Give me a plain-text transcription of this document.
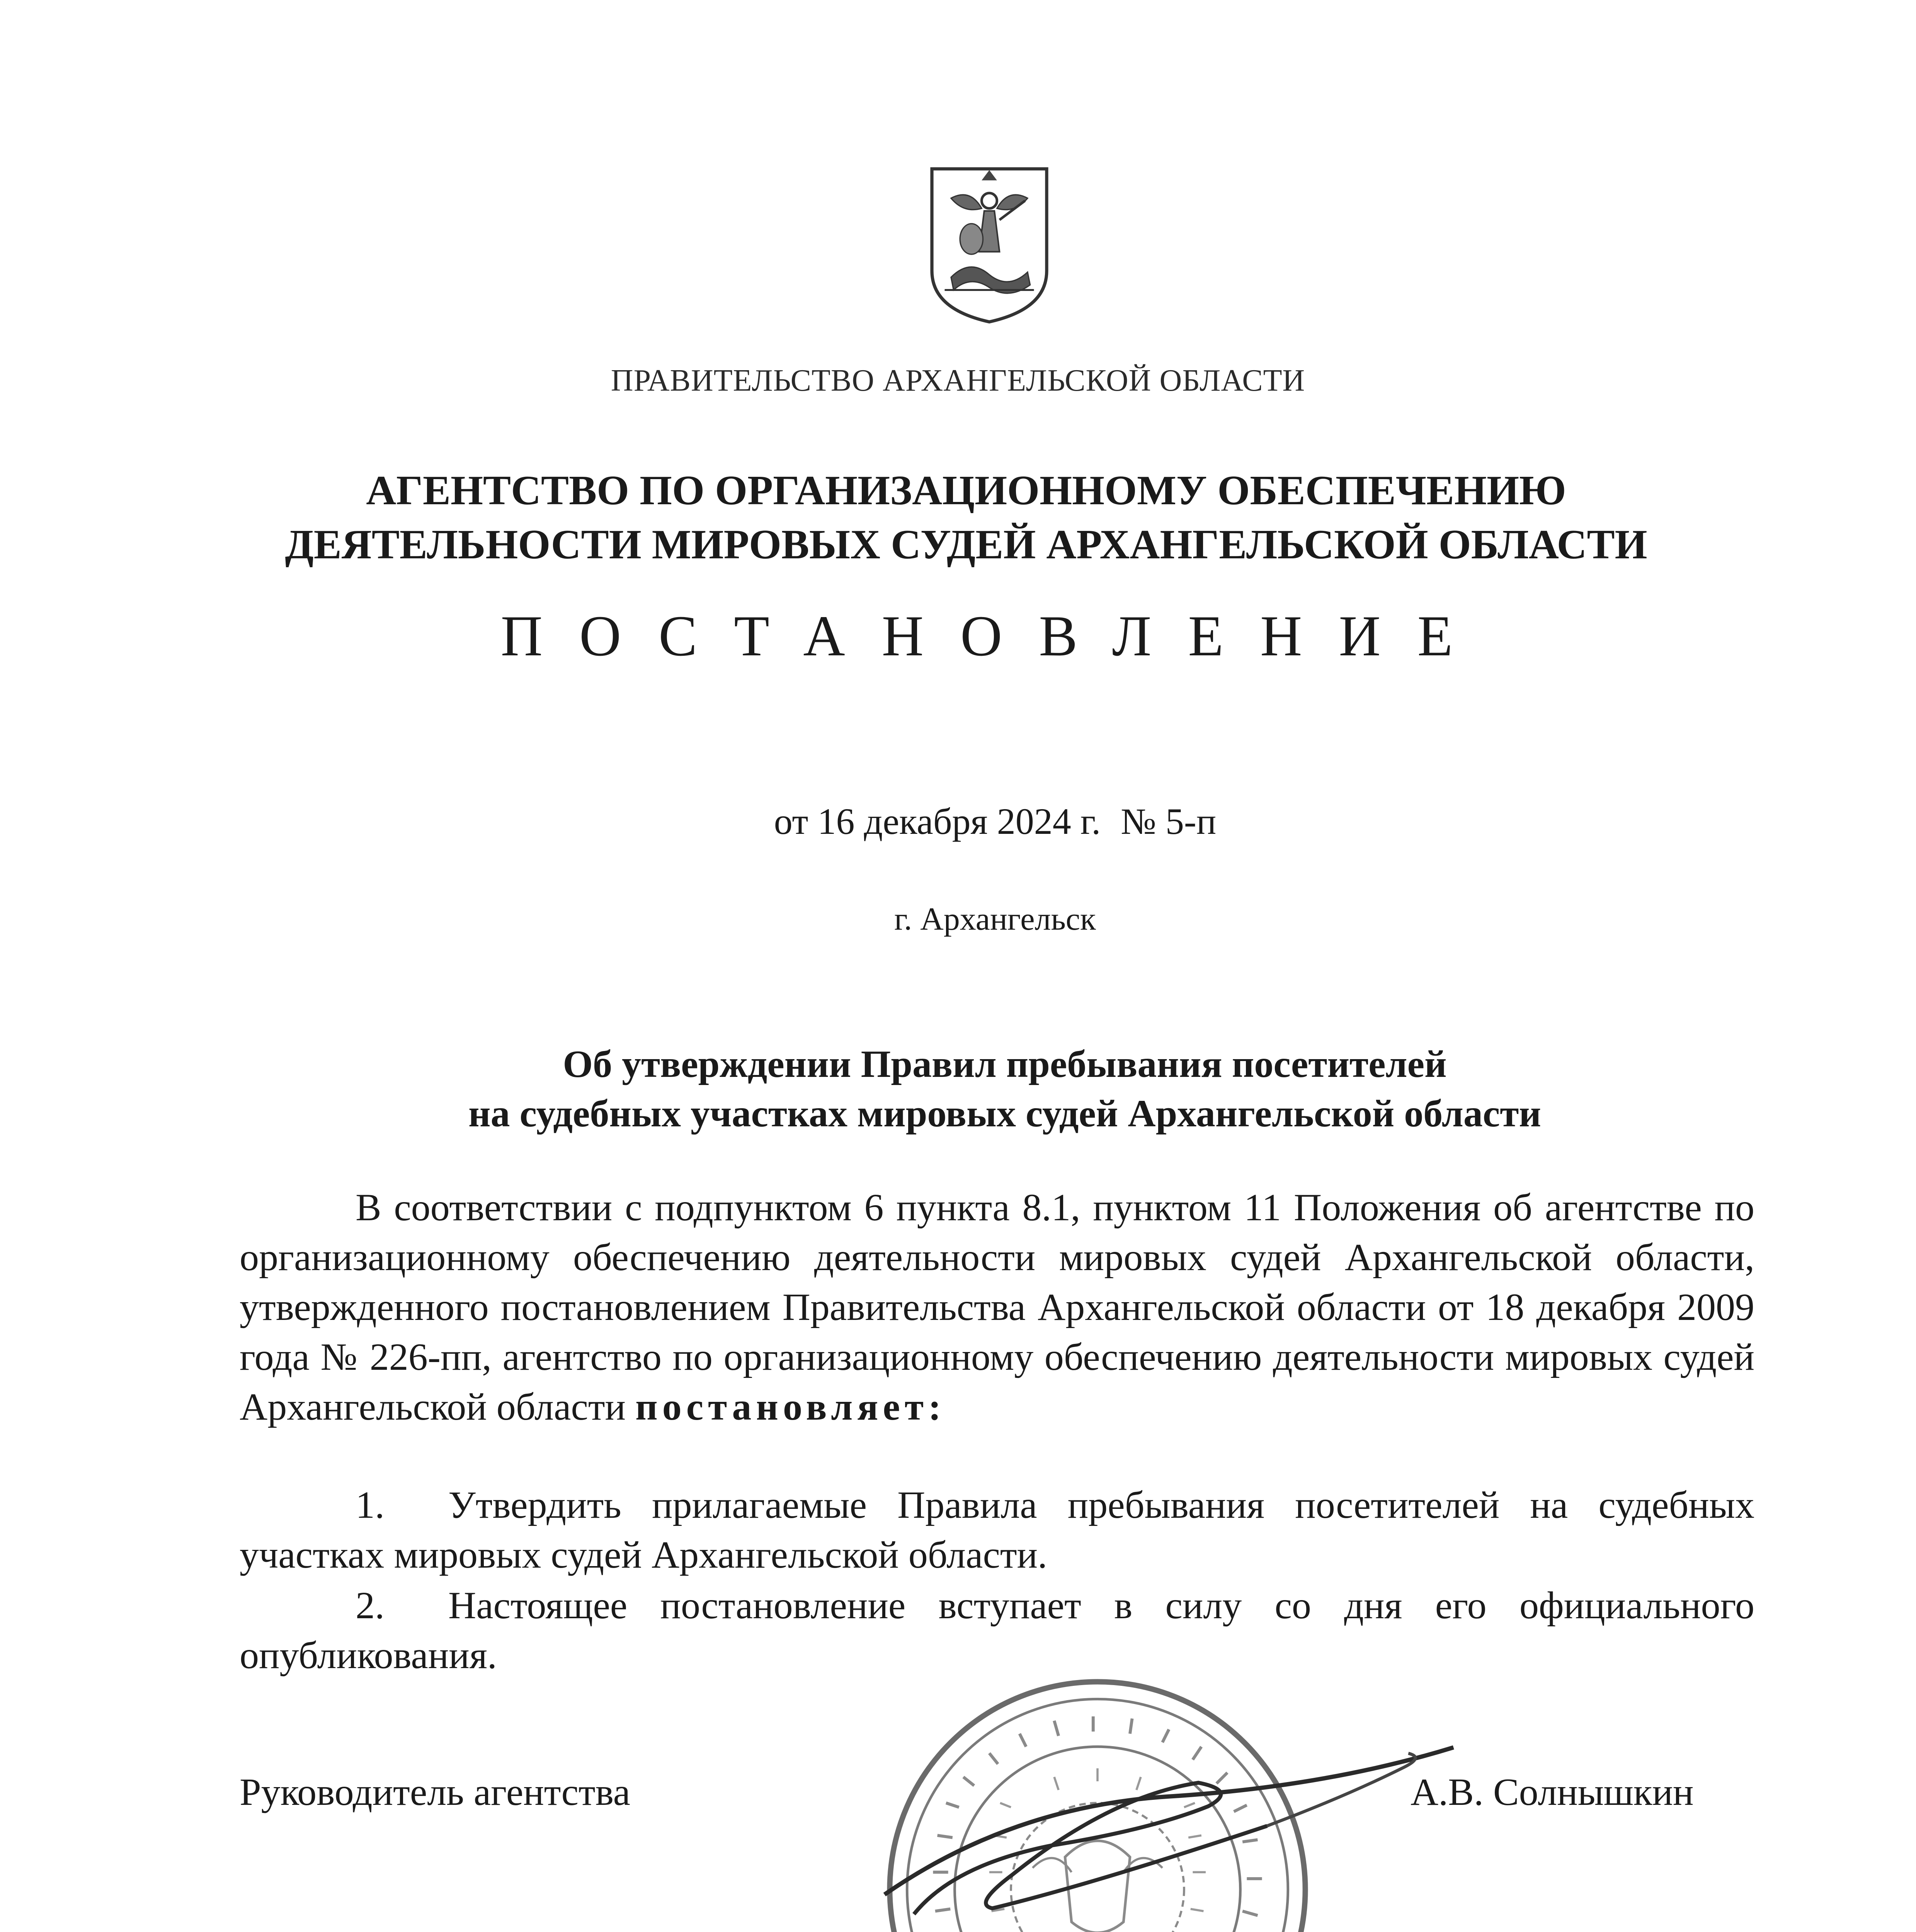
ПРАВИТЕЛЬСТВО АРХАНГЕЛЬСКОЙ ОБЛАСТИ
АГЕНТСТВО ПО ОРГАНИЗАЦИОННОМУ ОБЕСПЕЧЕНИЮ
ДЕЯТЕЛЬНОСТИ МИРОВЫХ СУДЕЙ АРХАНГЕЛЬСКОЙ ОБЛАСТИ
ПОСТАНОВЛЕНИЕ
от 16 декабря 2024 г. № 5-п
г. Архангельск
Об утверждении Правил пребывания посетителей
на судебных участках мировых судей Архангельской области
В соответствии с подпунктом 6 пункта 8.1, пунктом 11 Положения об агентстве по организационному обеспечению деятельности мировых судей Архангельской области, утвержденного постановлением Правительства Архангельской области от 18 декабря 2009 года № 226-пп, агентство по организационному обеспечению деятельности мировых судей Архангельской области постановляет:
1. Утвердить прилагаемые Правила пребывания посетителей на судебных участках мировых судей Архангельской области.
2. Настоящее постановление вступает в силу со дня его официального опубликования.
Руководитель агентства	А.В. Солнышкин
